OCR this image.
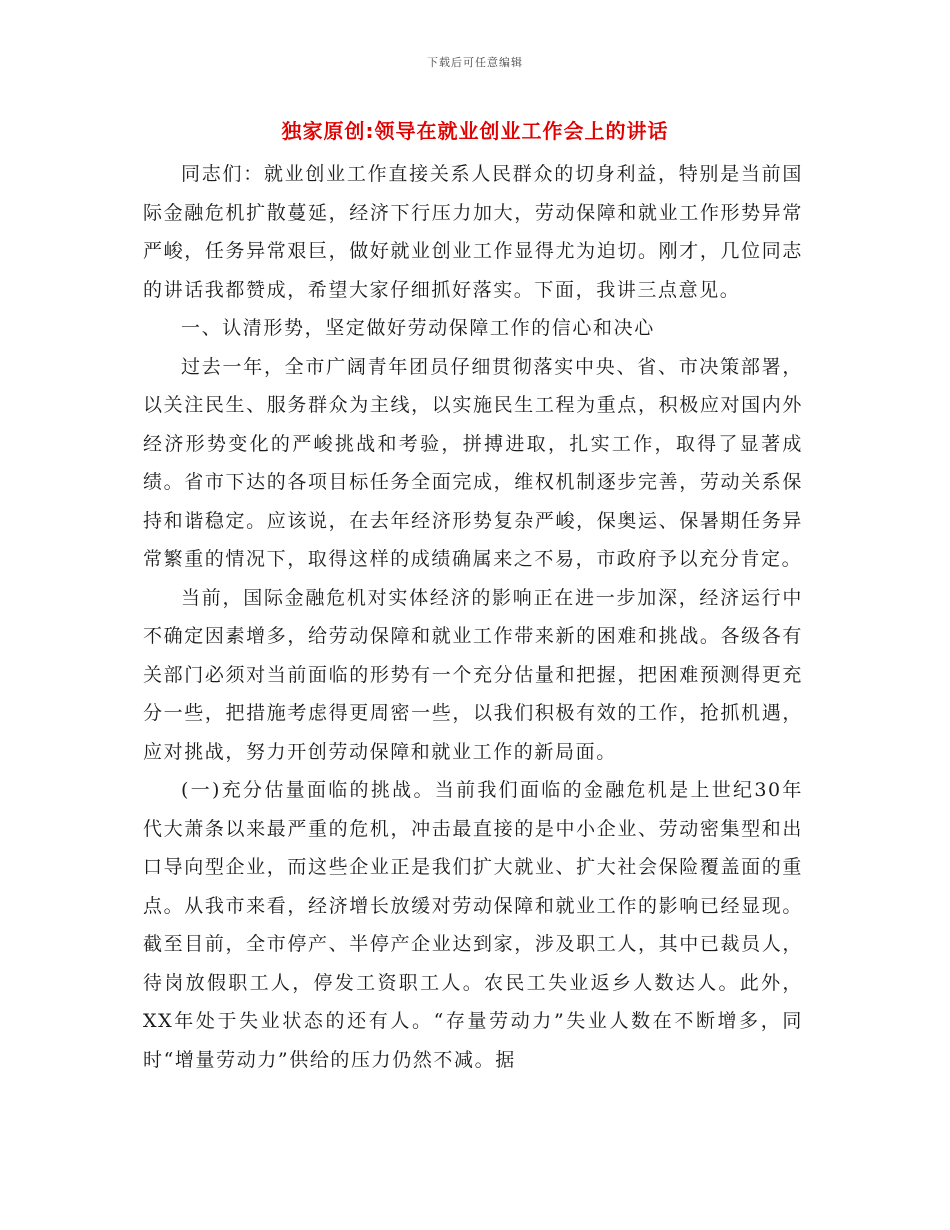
下载后可任意编辑
独家原创:领导在就业创业工作会上的讲话

同志们：就业创业工作直接关系人民群众的切身利益，特别是当前国际金融危机扩散蔓延，经济下行压力加大，劳动保障和就业工作形势异常严峻，任务异常艰巨，做好就业创业工作显得尤为迫切。刚才，几位同志的讲话我都赞成，希望大家仔细抓好落实。下面，我讲三点意见。

一、认清形势，坚定做好劳动保障工作的信心和决心

过去一年，全市广阔青年团员仔细贯彻落实中央、省、市决策部署，以关注民生、服务群众为主线，以实施民生工程为重点，积极应对国内外经济形势变化的严峻挑战和考验，拼搏进取，扎实工作，取得了显著成绩。省市下达的各项目标任务全面完成，维权机制逐步完善，劳动关系保持和谐稳定。应该说，在去年经济形势复杂严峻，保奥运、保暑期任务异常繁重的情况下，取得这样的成绩确属来之不易，市政府予以充分肯定。

当前，国际金融危机对实体经济的影响正在进一步加深，经济运行中不确定因素增多，给劳动保障和就业工作带来新的困难和挑战。各级各有关部门必须对当前面临的形势有一个充分估量和把握，把困难预测得更充分一些，把措施考虑得更周密一些，以我们积极有效的工作，抢抓机遇，应对挑战，努力开创劳动保障和就业工作的新局面。

(一)充分估量面临的挑战。当前我们面临的金融危机是上世纪30年代大萧条以来最严重的危机，冲击最直接的是中小企业、劳动密集型和出口导向型企业，而这些企业正是我们扩大就业、扩大社会保险覆盖面的重点。从我市来看，经济增长放缓对劳动保障和就业工作的影响已经显现。截至目前，全市停产、半停产企业达到家，涉及职工人，其中已裁员人，待岗放假职工人，停发工资职工人。农民工失业返乡人数达人。此外，XX年处于失业状态的还有人。“存量劳动力”失业人数在不断增多，同时“增量劳动力”供给的压力仍然不减。据
